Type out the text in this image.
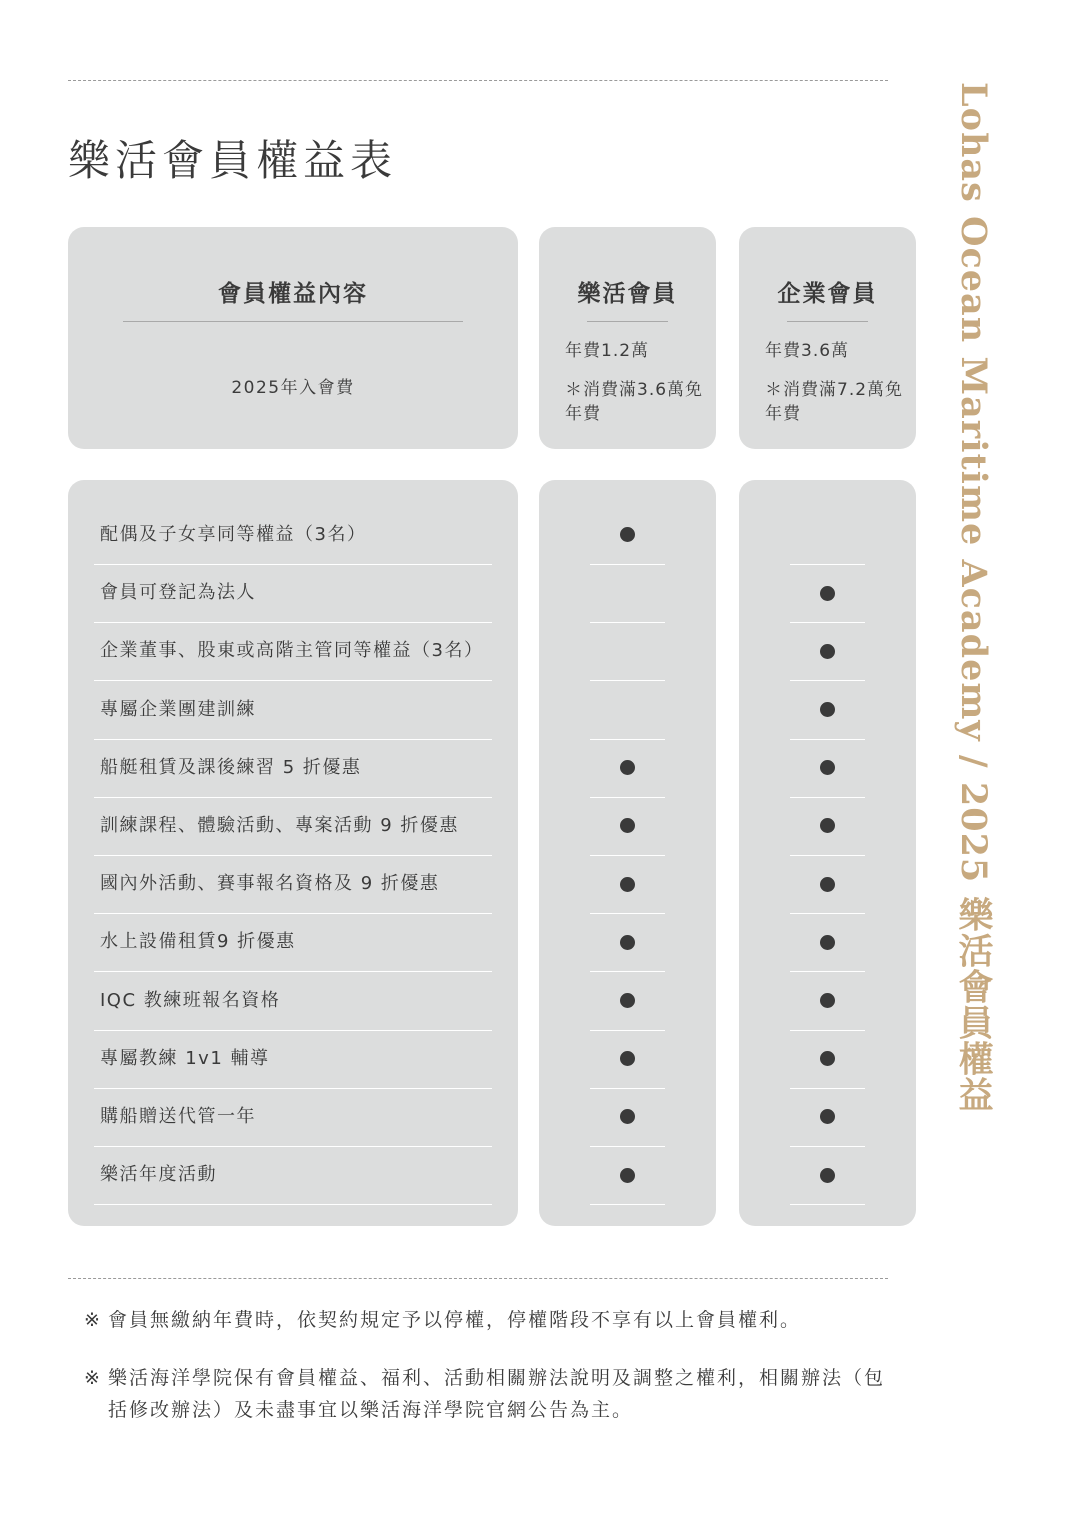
樂活會員權益表	Lohas Ocean Maritime Academy / 2025 樂活會員權益
會員權益內容
2025年入會費
樂活會員
年費1.2萬
＊消費滿3.6萬免年費
企業會員
年費3.6萬
＊消費滿7.2萬免年費
配偶及子女享同等權益（3名）
會員可登記為法人
企業董事、股東或高階主管同等權益（3名）
專屬企業團建訓練
船艇租賃及課後練習 5 折優惠
訓練課程、體驗活動、專案活動 9 折優惠
國內外活動、賽事報名資格及 9 折優惠
水上設備租賃9 折優惠
IQC 教練班報名資格
專屬教練 1v1 輔導
購船贈送代管一年
樂活年度活動
※ 會員無繳納年費時，依契約規定予以停權，停權階段不享有以上會員權利。
※ 樂活海洋學院保有會員權益、福利、活動相關辦法說明及調整之權利，相關辦法（包括修改辦法）及未盡事宜以樂活海洋學院官網公告為主。
